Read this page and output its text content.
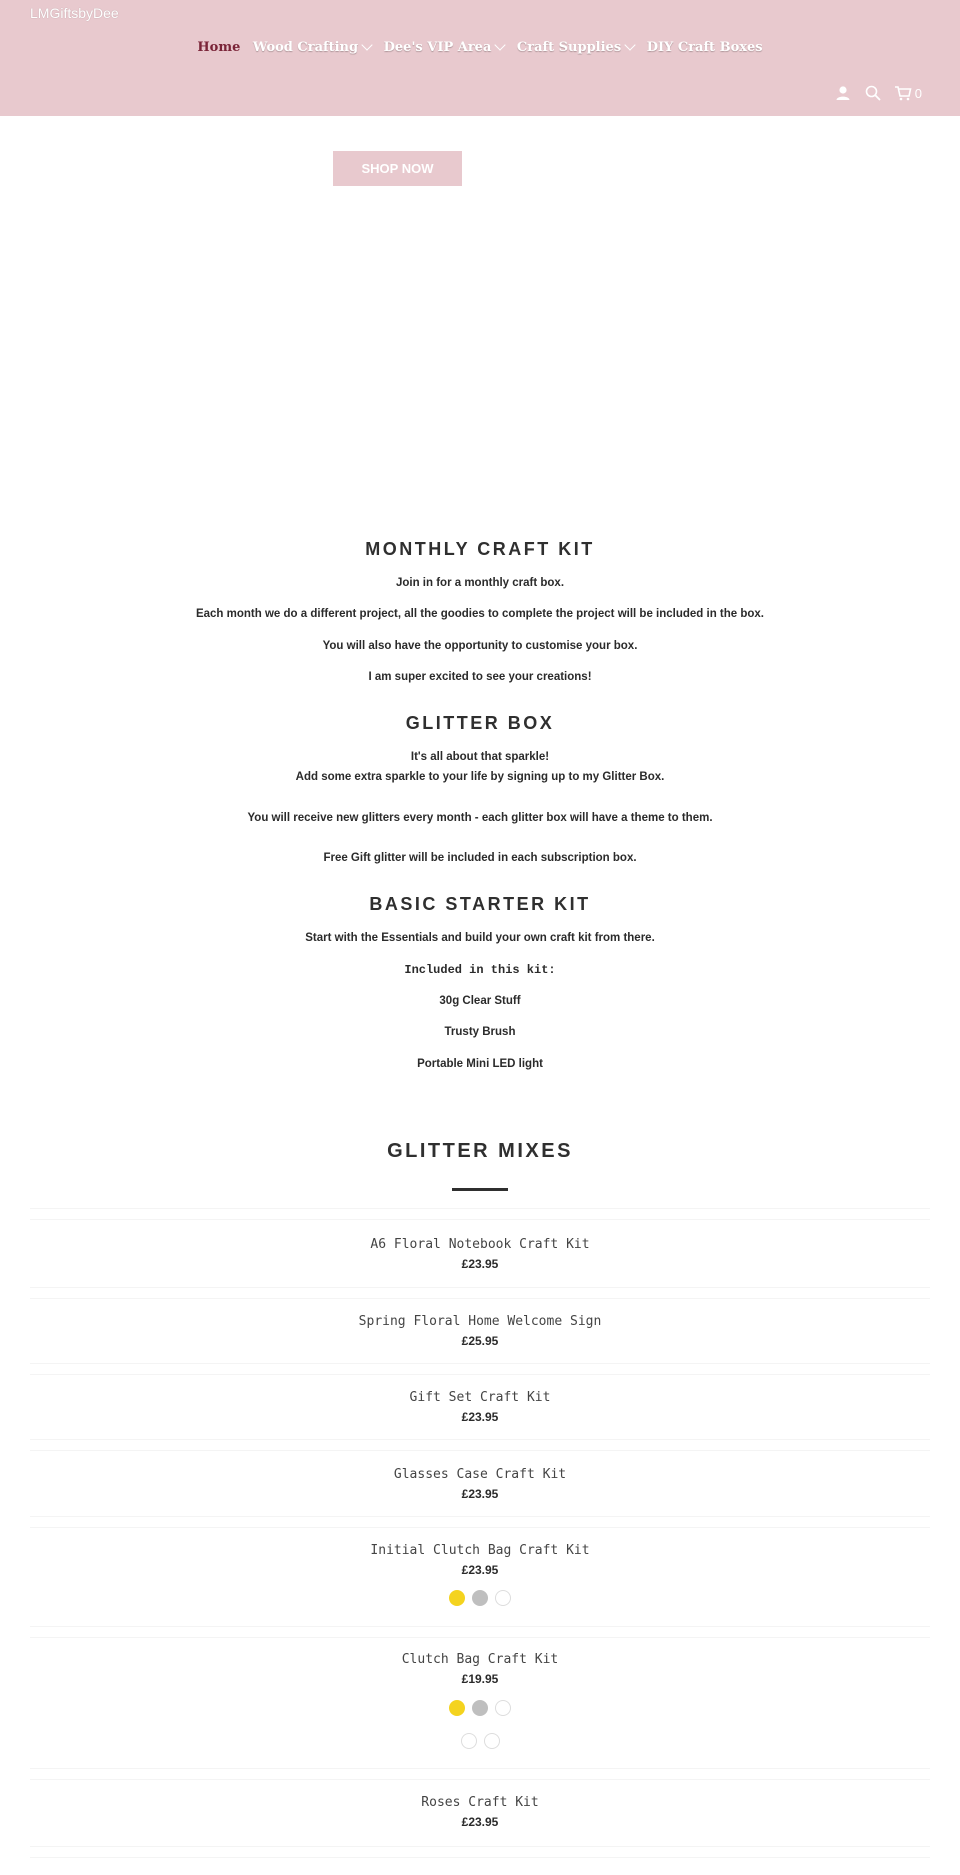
LMGiftsbyDee
Home Wood Crafting Dee's VIP Area Craft Supplies DIY Craft Boxes
0
SHOP NOW
MONTHLY CRAFT KIT
Join in for a monthly craft box.
Each month we do a different project, all the goodies to complete the project will be included in the box.
You will also have the opportunity to customise your box.
I am super excited to see your creations!
GLITTER BOX
It's all about that sparkle!
Add some extra sparkle to your life by signing up to my Glitter Box.
You will receive new glitters every month - each glitter box will have a theme to them.
Free Gift glitter will be included in each subscription box.
BASIC STARTER KIT
Start with the Essentials and build your own craft kit from there.
Included in this kit:
30g Clear Stuff
Trusty Brush
Portable Mini LED light
GLITTER MIXES
A6 Floral Notebook Craft Kit
£23.95
Spring Floral Home Welcome Sign
£25.95
Gift Set Craft Kit
£23.95
Glasses Case Craft Kit
£23.95
Initial Clutch Bag Craft Kit
£23.95
Clutch Bag Craft Kit
£19.95
Roses Craft Kit
£23.95
